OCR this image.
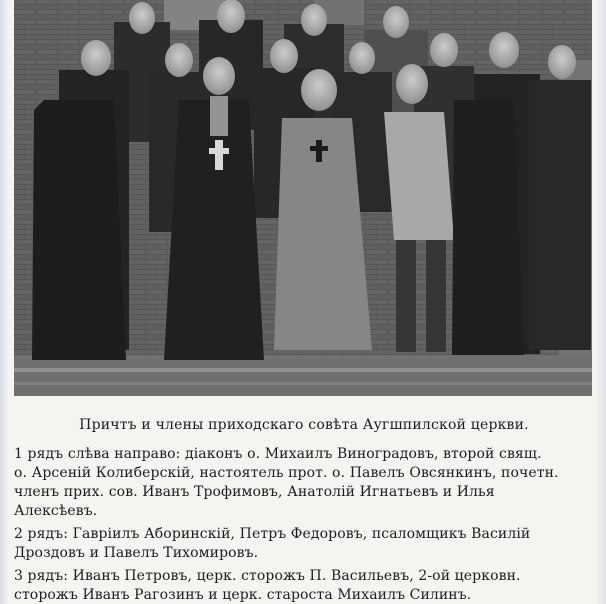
Причтъ и члены приходскаго совѣта Аугшпилской церкви.
1 рядъ слѣва направо: діаконъ о. Михаилъ Виноградовъ, второй свящ.
о. Арсеній Колиберскій, настоятель прот. о. Павелъ Овсянкинъ, почетн.
членъ прих. сов. Иванъ Трофимовъ, Анатолій Игнатьевъ и Илья
Алексѣевъ.
2 рядъ: Гавріилъ Аборинскій, Петръ Федоровъ, псаломщикъ Василій
Дроздовъ и Павелъ Тихомировъ.
3 рядъ: Иванъ Петровъ, церк. сторожъ П. Васильевъ, 2-ой церковн.
сторожъ Иванъ Рагозинъ и церк. староста Михаилъ Силинъ.
